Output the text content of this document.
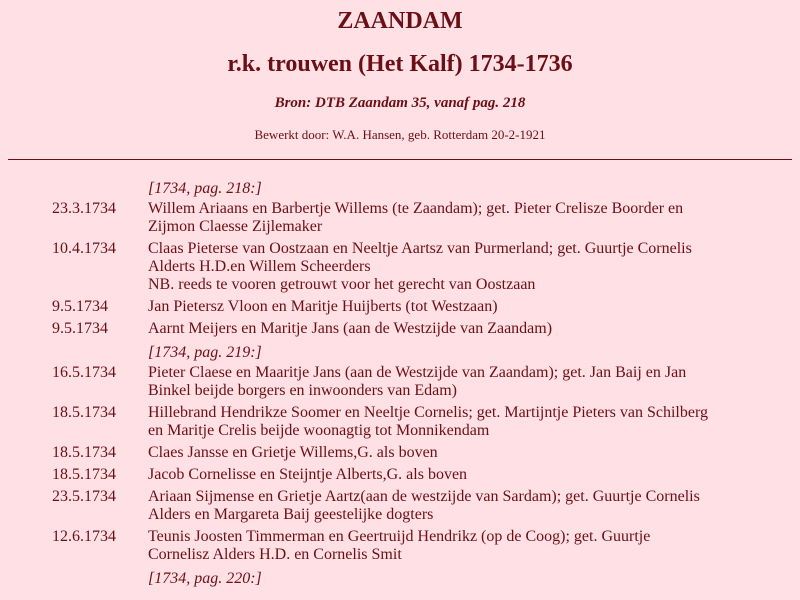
ZAANDAM
r.k. trouwen (Het Kalf) 1734-1736
Bron: DTB Zaandam 35, vanaf pag. 218
Bewerkt door: W.A. Hansen, geb. Rotterdam 20-2-1921
[1734, pag. 218:]
23.3.1734	Willem Ariaans en Barbertje Willems (te Zaandam); get. Pieter Crelisze Boorder en Zijmon Claesse Zijlemaker
10.4.1734	Claas Pieterse van Oostzaan en Neeltje Aartsz van Purmerland; get. Guurtje Cornelis Alderts H.D.en Willem Scheerders
NB. reeds te vooren getrouwt voor het gerecht van Oostzaan
9.5.1734	Jan Pietersz Vloon en Maritje Huijberts (tot Westzaan)
9.5.1734	Aarnt Meijers en Maritje Jans (aan de Westzijde van Zaandam)
[1734, pag. 219:]
16.5.1734	Pieter Claese en Maaritje Jans (aan de Westzijde van Zaandam); get. Jan Baij en Jan Binkel beijde borgers en inwoonders van Edam)
18.5.1734	Hillebrand Hendrikze Soomer en Neeltje Cornelis; get. Martijntje Pieters van Schilberg en Maritje Crelis beijde woonagtig tot Monnikendam
18.5.1734	Claes Jansse en Grietje Willems,G. als boven
18.5.1734	Jacob Cornelisse en Steijntje Alberts,G. als boven
23.5.1734	Ariaan Sijmense en Grietje Aartz(aan de westzijde van Sardam); get. Guurtje Cornelis Alders en Margareta Baij geestelijke dogters
12.6.1734	Teunis Joosten Timmerman en Geertruijd Hendrikz (op de Coog); get. Guurtje Cornelisz Alders H.D. en Cornelis Smit
[1734, pag. 220:]
